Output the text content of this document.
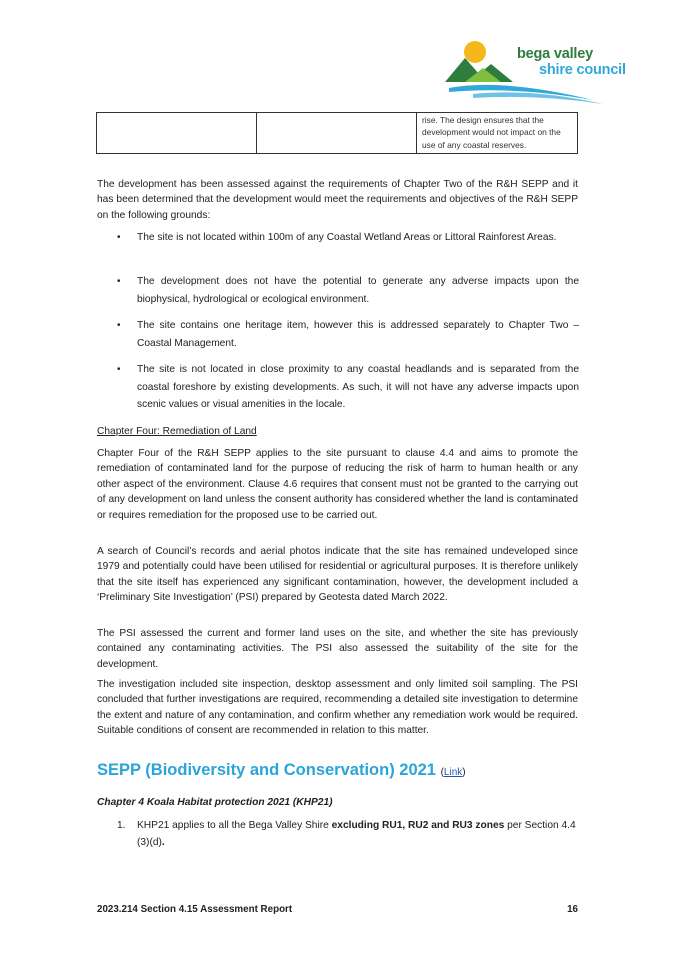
bega valley
shire council
		rise. The design ensures that the development would not impact on the use of any coastal reserves.

The development has been assessed against the requirements of Chapter Two of the R&H SEPP and it has been determined that the development would meet the requirements and objectives of the R&H SEPP on the following grounds:

• The site is not located within 100m of any Coastal Wetland Areas or Littoral Rainforest Areas.
• The development does not have the potential to generate any adverse impacts upon the biophysical, hydrological or ecological environment.
• The site contains one heritage item, however this is addressed separately to Chapter Two – Coastal Management.
• The site is not located in close proximity to any coastal headlands and is separated from the coastal foreshore by existing developments. As such, it will not have any adverse impacts upon scenic values or visual amenities in the locale.
Chapter Four: Remediation of Land

Chapter Four of the R&H SEPP applies to the site pursuant to clause 4.4 and aims to promote the remediation of contaminated land for the purpose of reducing the risk of harm to human health or any other aspect of the environment. Clause 4.6 requires that consent must not be granted to the carrying out of any development on land unless the consent authority has considered whether the land is contaminated or requires remediation for the proposed use to be carried out.

A search of Council’s records and aerial photos indicate that the site has remained undeveloped since 1979 and potentially could have been utilised for residential or agricultural purposes. It is therefore unlikely that the site itself has experienced any significant contamination, however, the development included a ‘Preliminary Site Investigation’ (PSI) prepared by Geotesta dated March 2022.

The PSI assessed the current and former land uses on the site, and whether the site has previously contained any contaminating activities. The PSI also assessed the suitability of the site for the development.

The investigation included site inspection, desktop assessment and only limited soil sampling. The PSI concluded that further investigations are required, recommending a detailed site investigation to determine the extent and nature of any contamination, and confirm whether any remediation work would be required. Suitable conditions of consent are recommended in relation to this matter.

SEPP (Biodiversity and Conservation) 2021 (Link)
Chapter 4 Koala Habitat protection 2021 (KHP21)
1. KHP21 applies to all the Bega Valley Shire excluding RU1, RU2 and RU3 zones per Section 4.4 (3)(d).
2023.214 Section 4.15 Assessment Report	16
